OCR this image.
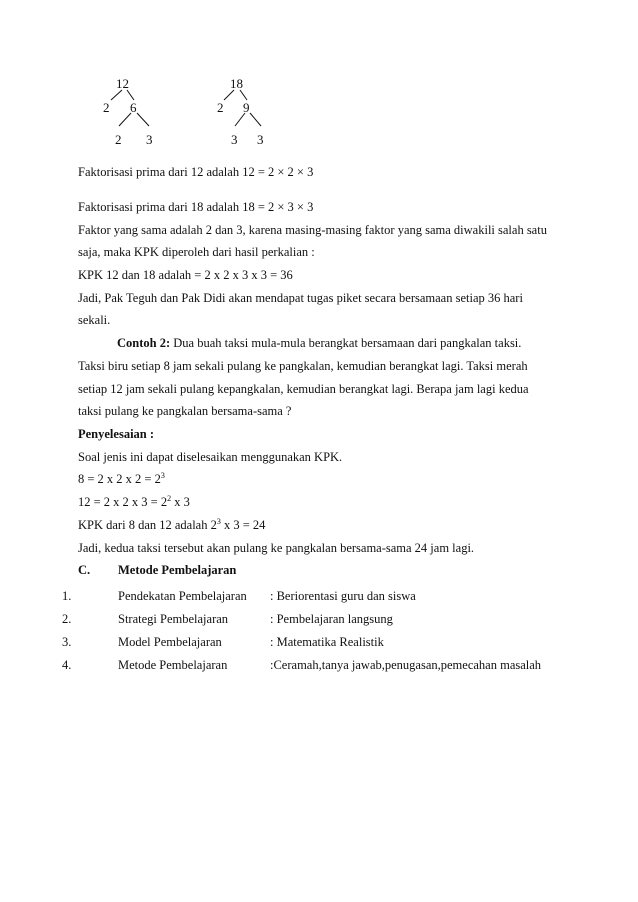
12
2 6
2 3
18
2 9
3 3
Faktorisasi prima dari 12 adalah 12 = 2 × 2 × 3
Faktorisasi prima dari 18 adalah 18 = 2 × 3 × 3
Faktor yang sama adalah 2 dan 3, karena masing-masing faktor yang sama diwakili salah satu
saja, maka KPK diperoleh dari hasil perkalian :
KPK 12 dan 18 adalah = 2 x 2 x 3 x 3 = 36
Jadi, Pak Teguh dan Pak Didi akan mendapat tugas piket secara bersamaan setiap 36 hari
sekali.
Contoh 2: Dua buah taksi mula-mula berangkat bersamaan dari pangkalan taksi.
Taksi biru setiap 8 jam sekali pulang ke pangkalan, kemudian berangkat lagi. Taksi merah
setiap 12 jam sekali pulang kepangkalan, kemudian berangkat lagi. Berapa jam lagi kedua
taksi pulang ke pangkalan bersama-sama ?
Penyelesaian :
Soal jenis ini dapat diselesaikan menggunakan KPK.
8 = 2 x 2 x $2 = 2^3$
12 = 2 x 2 x $3 = 2^2$ x 3
KPK dari 8 dan 12 adalah $2^3$ x 3 = 24
Jadi, kedua taksi tersebut akan pulang ke pangkalan bersama-sama 24 jam lagi.
C. Metode Pembelajaran
1.	Pendekatan Pembelajaran : Beriorentasi guru dan siswa
2.	Strategi Pembelajaran	: Pembelajaran langsung
3.	Model Pembelajaran	: Matematika Realistik
4.	Metode Pembelajaran	:Ceramah,tanya jawab,penugasan,pemecahan masalah
